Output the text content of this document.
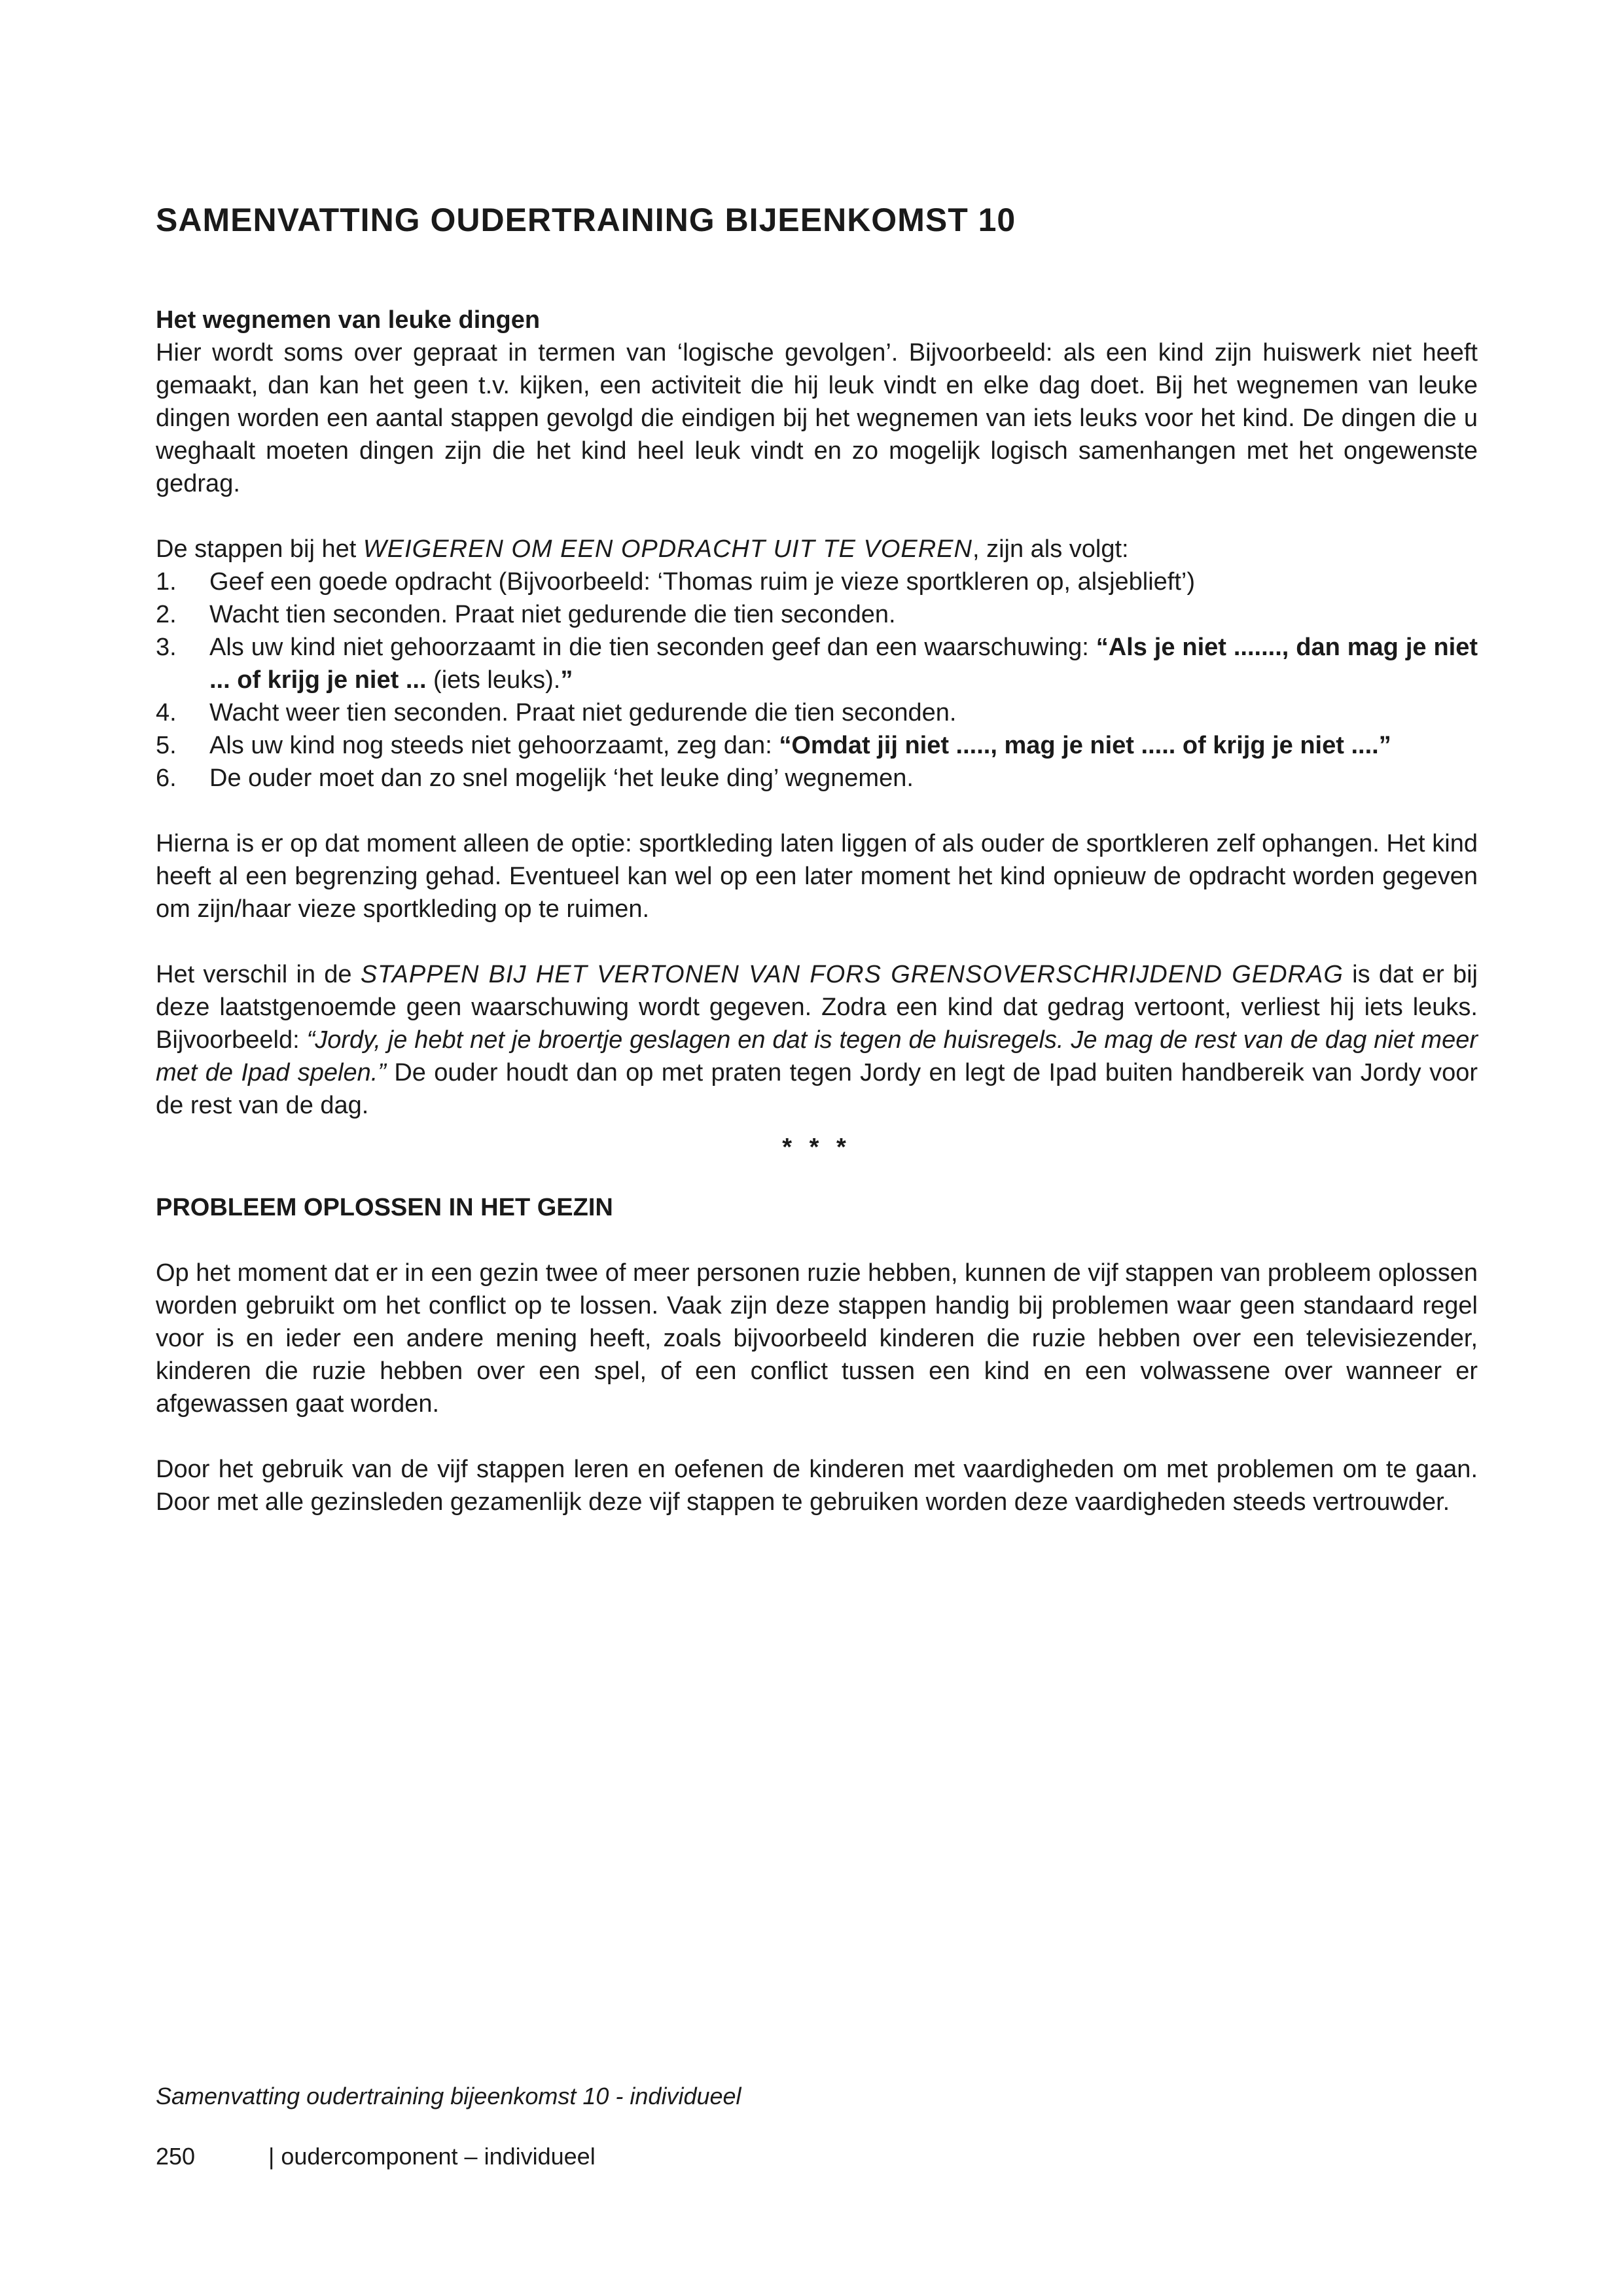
SAMENVATTING OUDERTRAINING BIJEENKOMST 10

Het wegnemen van leuke dingen

Hier wordt soms over gepraat in termen van ‘logische gevolgen’. Bijvoorbeeld: als een kind zijn huiswerk niet heeft gemaakt, dan kan het geen t.v. kijken, een activiteit die hij leuk vindt en elke dag doet. Bij het wegnemen van leuke dingen worden een aantal stappen gevolgd die eindigen bij het wegnemen van iets leuks voor het kind. De dingen die u weghaalt moeten dingen zijn die het kind heel leuk vindt en zo mogelijk logisch samenhangen met het ongewenste gedrag.

De stappen bij het WEIGEREN OM EEN OPDRACHT UIT TE VOEREN, zijn als volgt:

1. Geef een goede opdracht (Bijvoorbeeld: ‘Thomas ruim je vieze sportkleren op, alsjeblieft’)
2. Wacht tien seconden. Praat niet gedurende die tien seconden.
3. Als uw kind niet gehoorzaamt in die tien seconden geef dan een waarschuwing: “Als je niet ......., dan mag je niet ... of krijg je niet ... (iets leuks).”
4. Wacht weer tien seconden. Praat niet gedurende die tien seconden.
5. Als uw kind nog steeds niet gehoorzaamt, zeg dan: “Omdat jij niet ....., mag je niet ..... of krijg je niet ....”
6. De ouder moet dan zo snel mogelijk ‘het leuke ding’ wegnemen.

Hierna is er op dat moment alleen de optie: sportkleding laten liggen of als ouder de sportkleren zelf ophangen. Het kind heeft al een begrenzing gehad. Eventueel kan wel op een later moment het kind opnieuw de opdracht worden gegeven om zijn/haar vieze sportkleding op te ruimen.

Het verschil in de STAPPEN BIJ HET VERTONEN VAN FORS GRENSOVERSCHRIJDEND GEDRAG is dat er bij deze laatstgenoemde geen waarschuwing wordt gegeven. Zodra een kind dat gedrag vertoont, verliest hij iets leuks. Bijvoorbeeld: “Jordy, je hebt net je broertje geslagen en dat is tegen de huisregels. Je mag de rest van de dag niet meer met de Ipad spelen.” De ouder houdt dan op met praten tegen Jordy en legt de Ipad buiten handbereik van Jordy voor de rest van de dag.

* * *

PROBLEEM OPLOSSEN IN HET GEZIN

Op het moment dat er in een gezin twee of meer personen ruzie hebben, kunnen de vijf stappen van probleem oplossen worden gebruikt om het conflict op te lossen. Vaak zijn deze stappen handig bij problemen waar geen standaard regel voor is en ieder een andere mening heeft, zoals bijvoorbeeld kinderen die ruzie hebben over een televisiezender, kinderen die ruzie hebben over een spel, of een conflict tussen een kind en een volwassene over wanneer er afgewassen gaat worden.

Door het gebruik van de vijf stappen leren en oefenen de kinderen met vaardigheden om met problemen om te gaan. Door met alle gezinsleden gezamenlijk deze vijf stappen te gebruiken worden deze vaardigheden steeds vertrouwder.

Samenvatting oudertraining bijeenkomst 10 - individueel
250	| oudercomponent – individueel
